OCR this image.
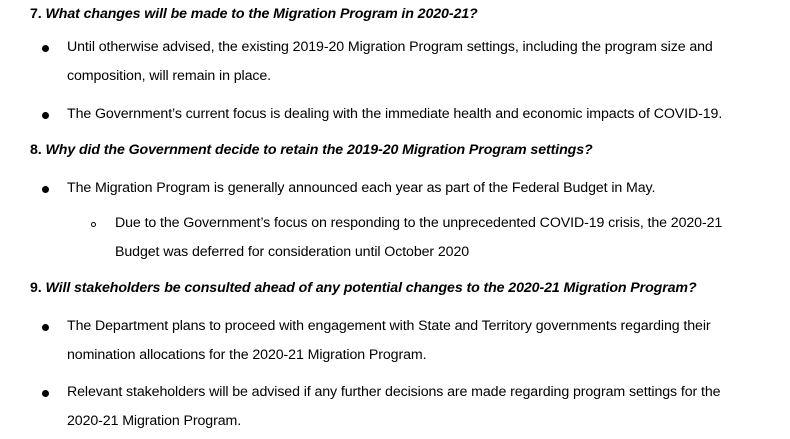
7. What changes will be made to the Migration Program in 2020-21?
Until otherwise advised, the existing 2019-20 Migration Program settings, including the program size and
composition, will remain in place.
The Government’s current focus is dealing with the immediate health and economic impacts of COVID-19.
8. Why did the Government decide to retain the 2019-20 Migration Program settings?
The Migration Program is generally announced each year as part of the Federal Budget in May.
Due to the Government’s focus on responding to the unprecedented COVID-19 crisis, the 2020-21
Budget was deferred for consideration until October 2020
9. Will stakeholders be consulted ahead of any potential changes to the 2020-21 Migration Program?
The Department plans to proceed with engagement with State and Territory governments regarding their
nomination allocations for the 2020-21 Migration Program.
Relevant stakeholders will be advised if any further decisions are made regarding program settings for the
2020-21 Migration Program.
